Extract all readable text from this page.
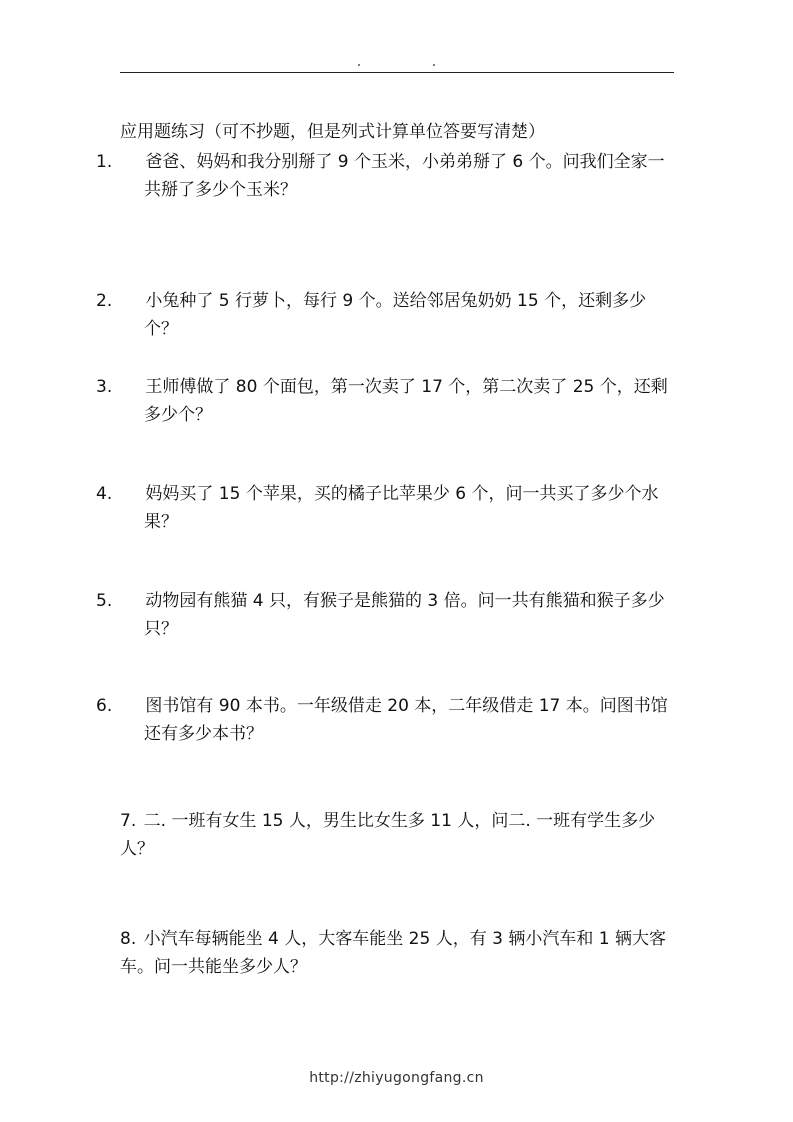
应用题练习（可不抄题，但是列式计算单位答要写清楚）
1. 爸爸、妈妈和我分别掰了 9 个玉米，小弟弟掰了 6 个。问我们全家一共掰了多少个玉米？
2. 小兔种了 5 行萝卜，每行 9 个。送给邻居兔奶奶 15 个，还剩多少个？
3. 王师傅做了 80 个面包，第一次卖了 17 个，第二次卖了 25 个，还剩多少个？
4. 妈妈买了 15 个苹果，买的橘子比苹果少 6 个，问一共买了多少个水果？
5. 动物园有熊猫 4 只，有猴子是熊猫的 3 倍。问一共有熊猫和猴子多少只？
6. 图书馆有 90 本书。一年级借走 20 本，二年级借走 17 本。问图书馆还有多少本书？
7. 二. 一班有女生 15 人，男生比女生多 11 人，问二. 一班有学生多少人？
8. 小汽车每辆能坐 4 人，大客车能坐 25 人，有 3 辆小汽车和 1 辆大客车。问一共能坐多少人？
http://zhiyugongfang.cn
